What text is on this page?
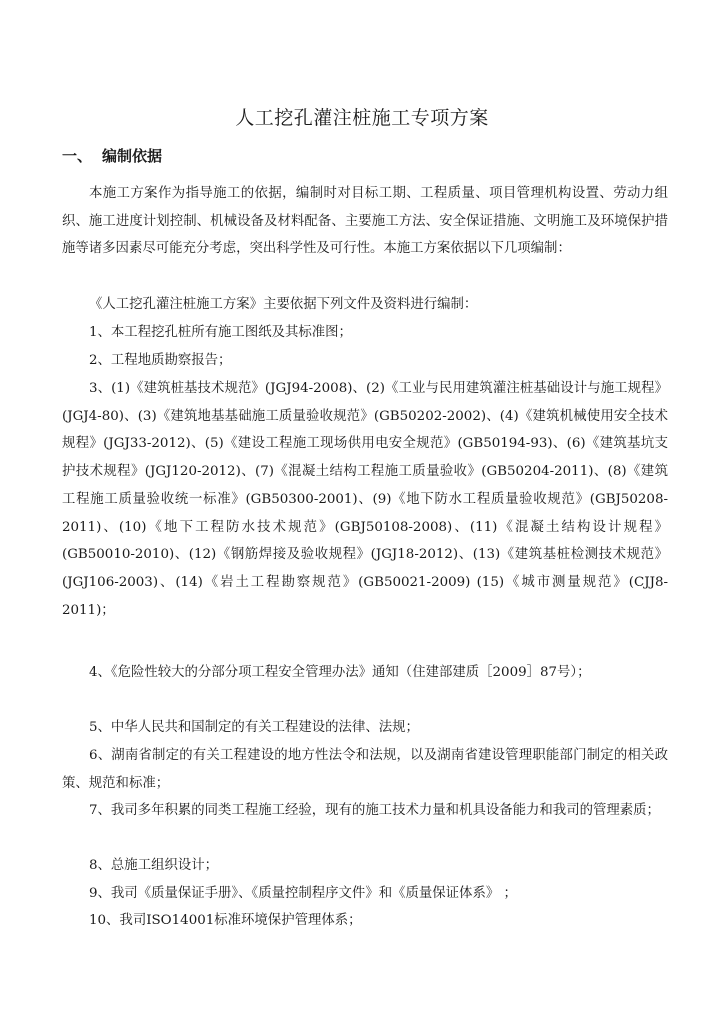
人工挖孔灌注桩施工专项方案
一、 编制依据

本施工方案作为指导施工的依据，编制时对目标工期、工程质量、项目管理机构设置、劳动力组织、施工进度计划控制、机械设备及材料配备、主要施工方法、安全保证措施、文明施工及环境保护措施等诸多因素尽可能充分考虑，突出科学性及可行性。本施工方案依据以下几项编制：

《人工挖孔灌注桩施工方案》主要依据下列文件及资料进行编制：

1、本工程挖孔桩所有施工图纸及其标准图；

2、工程地质勘察报告；

3、(1)《建筑桩基技术规范》(JGJ94-2008)、(2)《工业与民用建筑灌注桩基础设计与施工规程》(JGJ4-80)、(3)《建筑地基基础施工质量验收规范》(GB50202-2002)、(4)《建筑机械使用安全技术规程》(JGJ33-2012)、(5)《建设工程施工现场供用电安全规范》(GB50194-93)、(6)《建筑基坑支护技术规程》(JGJ120-2012)、(7)《混凝土结构工程施工质量验收》(GB50204-2011)、(8)《建筑工程施工质量验收统一标准》(GB50300-2001)、(9)《地下防水工程质量验收规范》(GBJ50208-2011)、(10)《地下工程防水技术规范》(GBJ50108-2008)、(11)《混凝土结构设计规程》(GB50010-2010)、(12)《钢筋焊接及验收规程》(JGJ18-2012)、(13)《建筑基桩检测技术规范》(JGJ106-2003)、(14)《岩土工程勘察规范》(GB50021-2009) (15)《城市测量规范》(CJJ8-2011)；

4、《危险性较大的分部分项工程安全管理办法》通知（住建部建质［2009］87号）；

5、中华人民共和国制定的有关工程建设的法律、法规；

6、湖南省制定的有关工程建设的地方性法令和法规，以及湖南省建设管理职能部门制定的相关政策、规范和标准；

7、我司多年积累的同类工程施工经验，现有的施工技术力量和机具设备能力和我司的管理素质；

8、总施工组织设计；

9、我司《质量保证手册》、《质量控制程序文件》和《质量保证体系》 ；

10、我司ISO14001标准环境保护管理体系；
